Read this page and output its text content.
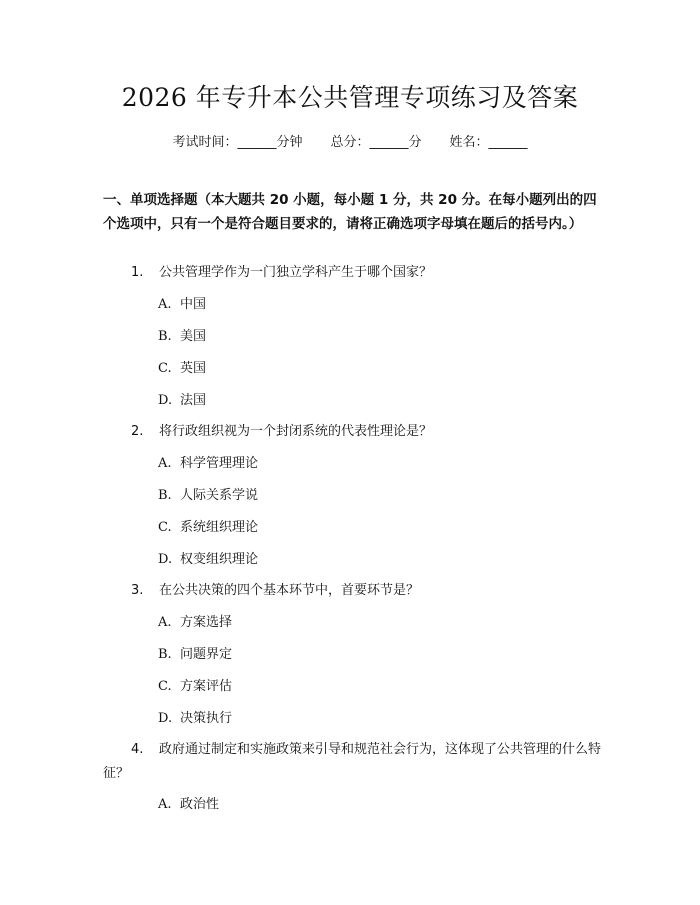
2026 年专升本公共管理专项练习及答案
考试时间：______分钟 总分：______分 姓名：______
一、单项选择题（本大题共 20 小题，每小题 1 分，共 20 分。在每小题列出的四个选项中，只有一个是符合题目要求的，请将正确选项字母填在题后的括号内。）
1. 公共管理学作为一门独立学科产生于哪个国家？
A. 中国
B. 美国
C. 英国
D. 法国
2. 将行政组织视为一个封闭系统的代表性理论是？
A. 科学管理理论
B. 人际关系学说
C. 系统组织理论
D. 权变组织理论
3. 在公共决策的四个基本环节中，首要环节是？
A. 方案选择
B. 问题界定
C. 方案评估
D. 决策执行
4. 政府通过制定和实施政策来引导和规范社会行为，这体现了公共管理的什么特征？
A. 政治性
